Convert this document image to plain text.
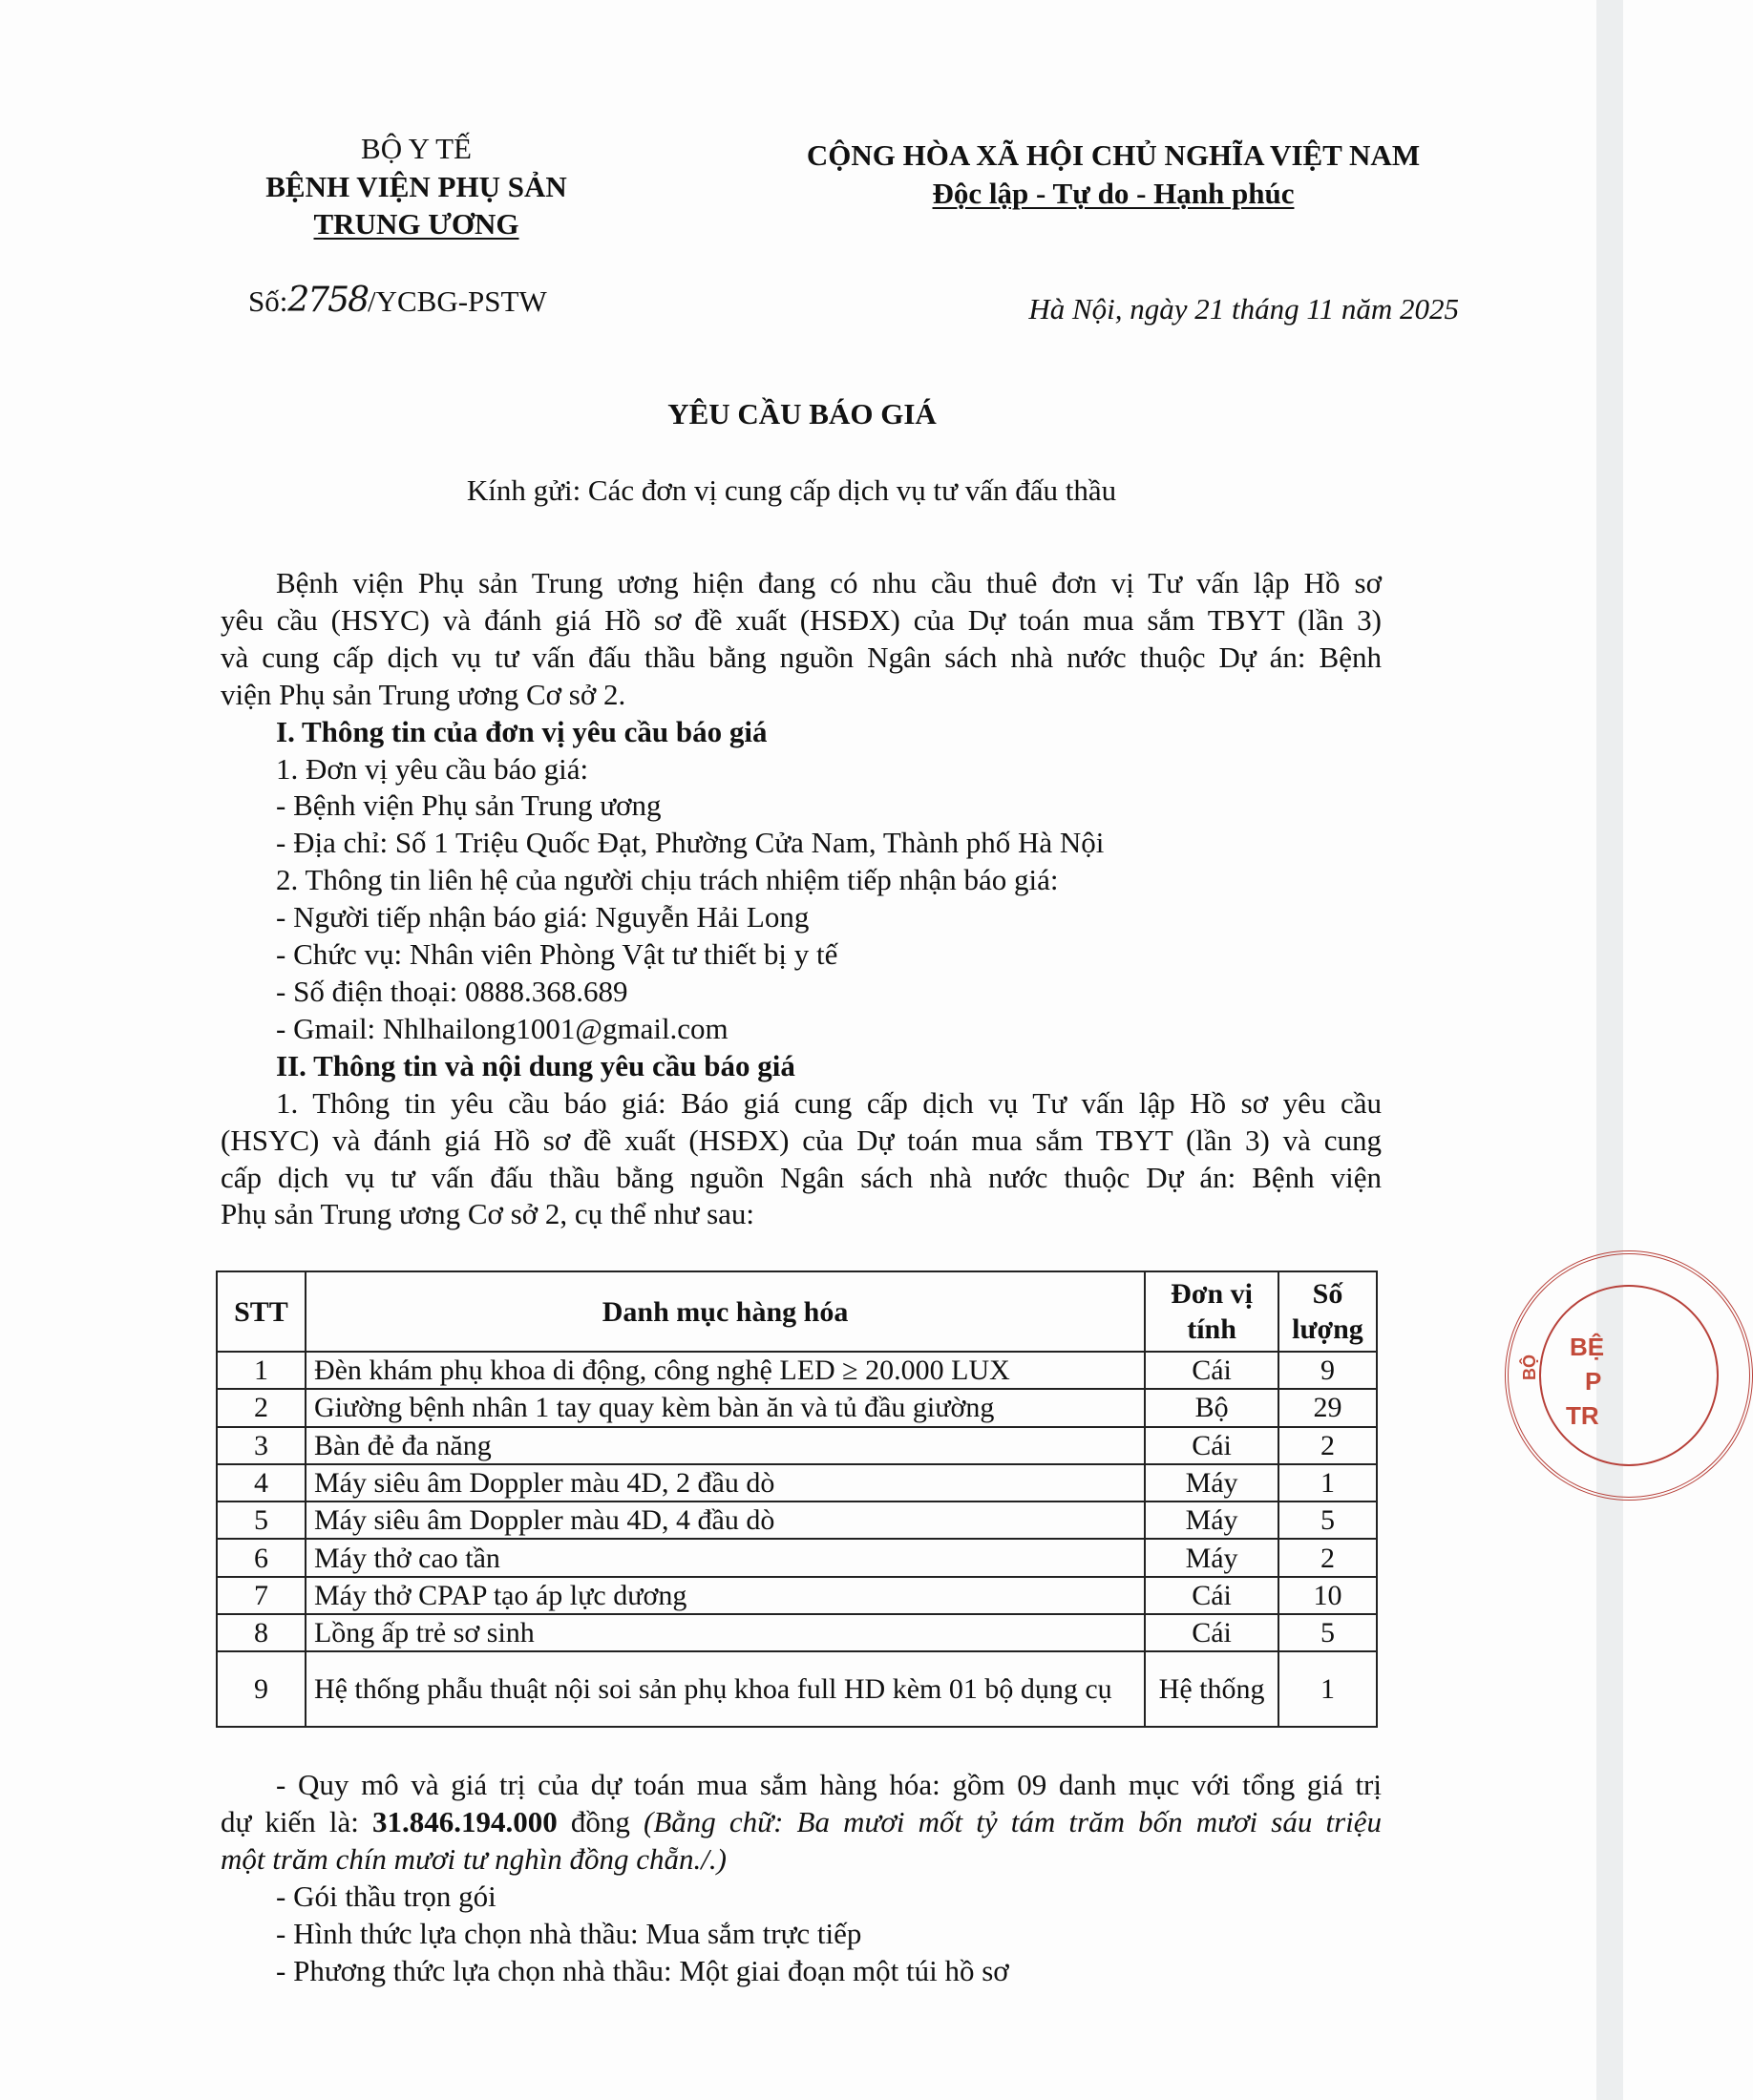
BỘ Y TẾ
BỆNH VIỆN PHỤ SẢN
TRUNG ƯƠNG
CỘNG HÒA XÃ HỘI CHỦ NGHĨA VIỆT NAM
Độc lập - Tự do - Hạnh phúc
Số:2758/YCBG-PSTW	Hà Nội, ngày 21 tháng 11 năm 2025
YÊU CẦU BÁO GIÁ
Kính gửi: Các đơn vị cung cấp dịch vụ tư vấn đấu thầu
Bệnh viện Phụ sản Trung ương hiện đang có nhu cầu thuê đơn vị Tư vấn lập Hồ sơ
yêu cầu (HSYC) và đánh giá Hồ sơ đề xuất (HSĐX) của Dự toán mua sắm TBYT (lần 3)
và cung cấp dịch vụ tư vấn đấu thầu bằng nguồn Ngân sách nhà nước thuộc Dự án: Bệnh
viện Phụ sản Trung ương Cơ sở 2.
I. Thông tin của đơn vị yêu cầu báo giá
1. Đơn vị yêu cầu báo giá:
- Bệnh viện Phụ sản Trung ương
- Địa chỉ: Số 1 Triệu Quốc Đạt, Phường Cửa Nam, Thành phố Hà Nội
2. Thông tin liên hệ của người chịu trách nhiệm tiếp nhận báo giá:
- Người tiếp nhận báo giá: Nguyễn Hải Long
- Chức vụ: Nhân viên Phòng Vật tư thiết bị y tế
- Số điện thoại: 0888.368.689
- Gmail: Nhlhailong1001@gmail.com
II. Thông tin và nội dung yêu cầu báo giá
1. Thông tin yêu cầu báo giá: Báo giá cung cấp dịch vụ Tư vấn lập Hồ sơ yêu cầu
(HSYC) và đánh giá Hồ sơ đề xuất (HSĐX) của Dự toán mua sắm TBYT (lần 3) và cung
cấp dịch vụ tư vấn đấu thầu bằng nguồn Ngân sách nhà nước thuộc Dự án: Bệnh viện
Phụ sản Trung ương Cơ sở 2, cụ thể như sau:
STT	Danh mục hàng hóa	Đơn vị tính	Số lượng
1	Đèn khám phụ khoa di động, công nghệ LED ≥ 20.000 LUX	Cái	9
2	Giường bệnh nhân 1 tay quay kèm bàn ăn và tủ đầu giường	Bộ	29
3	Bàn đẻ đa năng	Cái	2
4	Máy siêu âm Doppler màu 4D, 2 đầu dò	Máy	1
5	Máy siêu âm Doppler màu 4D, 4 đầu dò	Máy	5
6	Máy thở cao tần	Máy	2
7	Máy thở CPAP tạo áp lực dương	Cái	10
8	Lồng ấp trẻ sơ sinh	Cái	5
9	Hệ thống phẫu thuật nội soi sản phụ khoa full HD kèm 01 bộ dụng cụ	Hệ thống	1
- Quy mô và giá trị của dự toán mua sắm hàng hóa: gồm 09 danh mục với tổng giá trị
dự kiến là: 31.846.194.000 đồng (Bằng chữ: Ba mươi mốt tỷ tám trăm bốn mươi sáu triệu
một trăm chín mươi tư nghìn đồng chẵn./.)
- Gói thầu trọn gói
- Hình thức lựa chọn nhà thầu: Mua sắm trực tiếp
- Phương thức lựa chọn nhà thầu: Một giai đoạn một túi hồ sơ
BỘ
BỆ
P
TR
